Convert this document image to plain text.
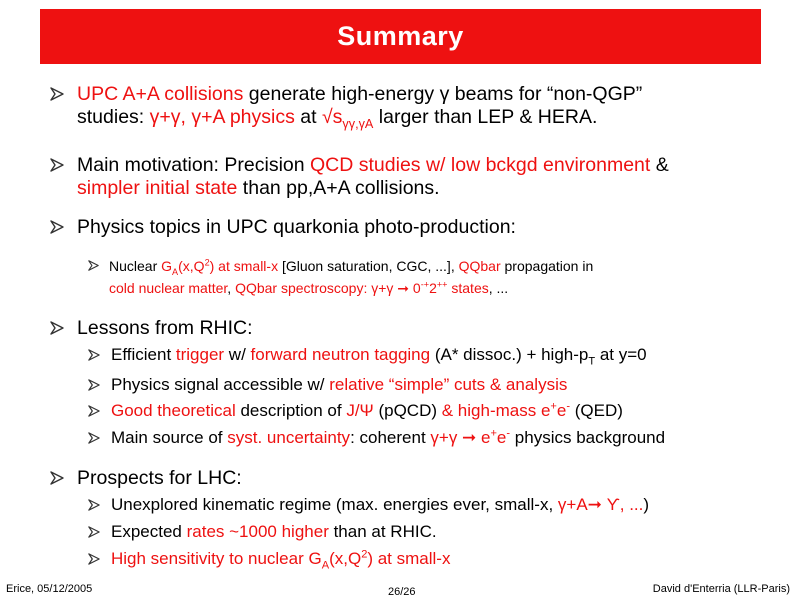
Summary
UPC A+A collisions generate high-energy γ beams for “non-QGP”
studies: γ+γ, γ+A physics at $√s_{\gamma\gamma,\gamma A}$ larger than LEP & HERA.
Main motivation: Precision QCD studies w/ low bckgd environment &
simpler initial state than pp,A+A collisions.
Physics topics in UPC quarkonia photo-production:
Nuclear $G_A(x,Q^2)$ at small-x [Gluon saturation, CGC, ...], QQbar propagation in
cold nuclear matter, QQbar spectroscopy: γ+γ ➞ 0-+2++ states, ...
Lessons from RHIC:
Efficient trigger w/ forward neutron tagging (A* dissoc.) + high-$p_T$ at y=0
Physics signal accessible w/ relative “simple” cuts & analysis
Good theoretical description of J/Ψ (pQCD) & high-mass e+e- (QED)
Main source of syst. uncertainty: coherent γ+γ ➞ e+e- physics background
Prospects for LHC:
Unexplored kinematic regime (max. energies ever, small-x, γ+A➞ ϒ, ...)
Expected rates ~1000 higher than at RHIC.
High sensitivity to nuclear $G_A(x,Q^2)$ at small-x
Erice, 05/12/2005	26/26	David d'Enterria (LLR-Paris)
